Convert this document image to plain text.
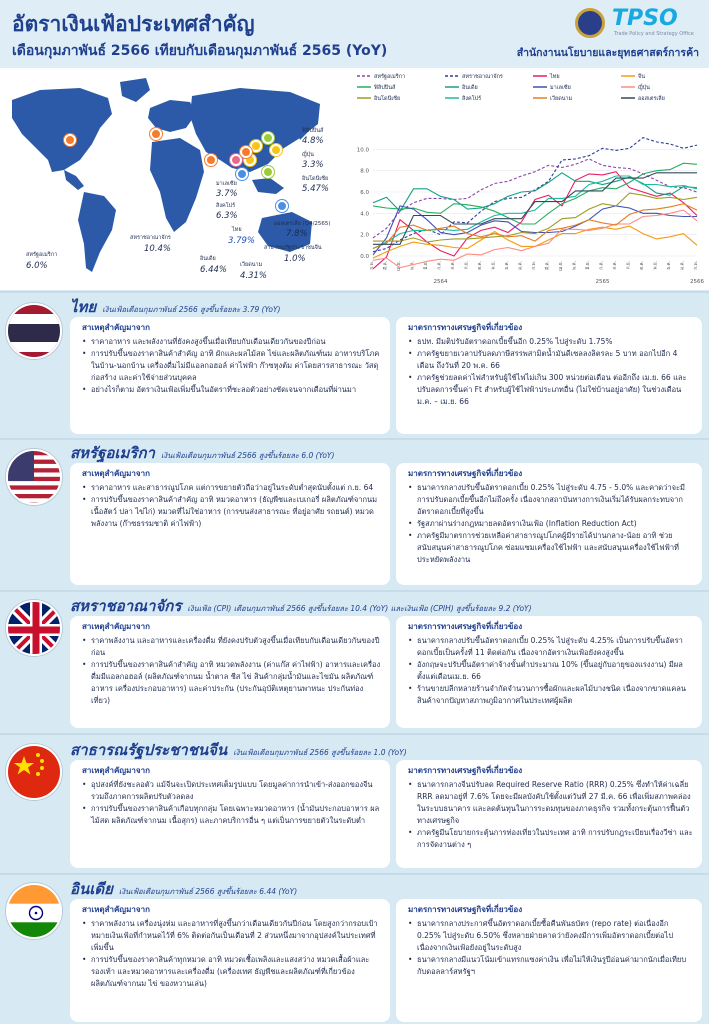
อัตราเงินเฟ้อประเทศสำคัญ
เดือนกุมภาพันธ์ 2566 เทียบกับเดือนกุมภาพันธ์ 2565 (YoY)
TPSO
Trade Policy and Strategy Office
สำนักงานนโยบายและยุทธศาสตร์การค้า
สหรัฐอเมริกา
6.0%
สหราชอาณาจักร
10.4%
อินเดีย
6.44%
มาเลเซีย
3.7%
สิงคโปร์
6.3%
ไทย
3.79%
เวียดนาม
4.31%
สาธารณรัฐประชาชนจีน
1.0%
ออสเตรเลีย (Q4/2565)
7.8%
ฟิลิปปินส์
4.8%
ญี่ปุ่น
3.3%
อินโดนีเซีย
5.47%
สหรัฐอเมริกา	สหราชอาณาจักร	ไทย	จีน
ฟิลิปปินส์	อินเดีย	มาเลเซีย	ญี่ปุ่น
อินโดนีเซีย	สิงคโปร์	เวียดนาม	ออสเตรเลีย
0.0
2.0
4.0
6.0
8.0
10.0
ก.พ. มี.ค. เม.ย. พ.ค. มิ.ย. ก.ค. ส.ค. ก.ย. ต.ค. พ.ย. ธ.ค. ม.ค. ก.พ. มี.ค. เม.ย. พ.ค. มิ.ย. ก.ค. ส.ค. ก.ย. ต.ค. พ.ย. ธ.ค. ม.ค. ก.พ.
2564	2565	2566
ไทย เงินเฟ้อเดือนกุมภาพันธ์ 2566 สูงขึ้นร้อยละ 3.79 (YoY)
สาเหตุสำคัญมาจาก
• ราคาอาหาร และพลังงานที่ยังคงสูงขึ้นเมื่อเทียบกับเดือนเดียวกันของปีก่อน
• การปรับขึ้นของราคาสินค้าสำคัญ อาทิ ผักและผลไม้สด ไข่และผลิตภัณฑ์นม อาหารบริโภคในบ้าน-นอกบ้าน เครื่องดื่มไม่มีแอลกอฮอล์ ค่าไฟฟ้า ก๊าซหุงต้ม ค่าโดยสารสาธารณะ วัสดุก่อสร้าง และค่าใช้จ่ายส่วนบุคคล
• อย่างไรก็ตาม อัตราเงินเฟ้อเพิ่มขึ้นในอัตราที่ชะลอตัวอย่างชัดเจนจากเดือนที่ผ่านมา
มาตรการทางเศรษฐกิจที่เกี่ยวข้อง
• ธปท. มีมติปรับอัตราดอกเบี้ยขึ้นอีก 0.25% ไปสู่ระดับ 1.75%
• ภาครัฐขยายเวลาปรับลดภาษีสรรพสามิตน้ำมันดีเซลลงลิตรละ 5 บาท ออกไปอีก 4 เดือน ถึงวันที่ 20 พ.ค. 66
• ภาครัฐช่วยลดค่าไฟสำหรับผู้ใช้ไฟไม่เกิน 300 หน่วยต่อเดือน ต่ออีกถึง เม.ย. 66 และปรับลดการขึ้นค่า Ft สำหรับผู้ใช้ไฟฟ้าประเภทอื่น (ไม่ใช่บ้านอยู่อาศัย) ในช่วงเดือน ม.ค. – เม.ย. 66
สหรัฐอเมริกา เงินเฟ้อเดือนกุมภาพันธ์ 2566 สูงขึ้นร้อยละ 6.0 (YoY)
สาเหตุสำคัญมาจาก
• ราคาอาหาร และสาธารณูปโภค แต่การขยายตัวถือว่าอยู่ในระดับต่ำสุดนับตั้งแต่ ก.ย. 64
• การปรับขึ้นของราคาสินค้าสำคัญ อาทิ หมวดอาหาร (ธัญพืชและเบเกอรี่ ผลิตภัณฑ์จากนม เนื้อสัตว์ ปลา ไข่ไก่) หมวดที่ไม่ใช่อาหาร (การขนส่งสาธารณะ ที่อยู่อาศัย รถยนต์) หมวดพลังงาน (ก๊าซธรรมชาติ ค่าไฟฟ้า)
มาตรการทางเศรษฐกิจที่เกี่ยวข้อง
• ธนาคารกลางปรับขึ้นอัตราดอกเบี้ย 0.25% ไปสู่ระดับ 4.75 - 5.0% และคาดว่าจะมีการปรับดอกเบี้ยขึ้นอีกไม่ถึงครั้ง เนื่องจากสถาบันทางการเงินเริ่มได้รับผลกระทบจากอัตราดอกเบี้ยที่สูงขึ้น
• รัฐสภาผ่านร่างกฎหมายลดอัตราเงินเฟ้อ (Inflation Reduction Act)
• ภาครัฐมีมาตรการช่วยเหลือค่าสาธารณูปโภคผู้มีรายได้ปานกลาง-น้อย อาทิ ช่วยสนับสนุนค่าสาธารณูปโภค ซ่อมแซมเครื่องใช้ไฟฟ้า และสนับสนุนเครื่องใช้ไฟฟ้าที่ประหยัดพลังงาน
สหราชอาณาจักร เงินเฟ้อ (CPI) เดือนกุมภาพันธ์ 2566 สูงขึ้นร้อยละ 10.4 (YoY) และเงินเฟ้อ (CPIH) สูงขึ้นร้อยละ 9.2 (YoY)
สาเหตุสำคัญมาจาก
• ราคาพลังงาน และอาหารและเครื่องดื่ม ที่ยังคงปรับตัวสูงขึ้นเมื่อเทียบกับเดือนเดียวกันของปีก่อน
• การปรับขึ้นของราคาสินค้าสำคัญ อาทิ หมวดพลังงาน (ค่าแก๊ส ค่าไฟฟ้า) อาหารและเครื่องดื่มมีแอลกอฮอล์ (ผลิตภัณฑ์จากนม น้ำตาล ชีส ไข่ สินค้ากลุ่มน้ำมันและไขมัน ผลิตภัณฑ์อาหาร เครื่องประกอบอาหาร) และค่าประกัน (ประกันอุบัติเหตุยานพาหนะ ประกันท่องเที่ยว)
มาตรการทางเศรษฐกิจที่เกี่ยวข้อง
• ธนาคารกลางปรับขึ้นอัตราดอกเบี้ย 0.25% ไปสู่ระดับ 4.25% เป็นการปรับขึ้นอัตราดอกเบี้ยเป็นครั้งที่ 11 ติดต่อกัน เนื่องจากอัตราเงินเฟ้อยังคงสูงขึ้น
• อังกฤษจะปรับขึ้นอัตราค่าจ้างขั้นต่ำประมาณ 10% (ขึ้นอยู่กับอายุของแรงงาน) มีผลตั้งแต่เดือนเม.ย. 66
• ร้านขายปลีกหลายร้านจำกัดจำนวนการซื้อผักและผลไม้บางชนิด เนื่องจากขาดแคลนสินค้าจากปัญหาสภาพภูมิอากาศในประเทศผู้ผลิต
สาธารณรัฐประชาชนจีน เงินเฟ้อเดือนกุมภาพันธ์ 2566 สูงขึ้นร้อยละ 1.0 (YoY)
สาเหตุสำคัญมาจาก
• อุปสงค์ที่ยังชะลอตัว แม้จีนจะเปิดประเทศเต็มรูปแบบ โดยมูลค่าการนำเข้า-ส่งออกของจีน รวมถึงภาคการผลิตปรับตัวลดลง
• การปรับขึ้นของราคาสินค้าเกือบทุกกลุ่ม โดยเฉพาะหมวดอาหาร (น้ำมันประกอบอาหาร ผลไม้สด ผลิตภัณฑ์จากนม เนื้อสุกร) และภาคบริการอื่น ๆ แต่เป็นการขยายตัวในระดับต่ำ
มาตรการทางเศรษฐกิจที่เกี่ยวข้อง
• ธนาคารกลางจีนปรับลด Required Reserve Ratio (RRR) 0.25% ซึ่งทำให้ค่าเฉลี่ย RRR ลดมาอยู่ที่ 7.6% โดยจะมีผลบังคับใช้ตั้งแต่วันที่ 27 มี.ค. 66 เพื่อเพิ่มสภาพคล่องในระบบธนาคาร และลดต้นทุนในการระดมทุนของภาคธุรกิจ รวมทั้งกระตุ้นการฟื้นตัวทางเศรษฐกิจ
• ภาครัฐมีนโยบายกระตุ้นการท่องเที่ยวในประเทศ อาทิ การปรับกฎระเบียบเรื่องวีซ่า และการจัดงานต่าง ๆ
อินเดีย เงินเฟ้อเดือนกุมภาพันธ์ 2566 สูงขึ้นร้อยละ 6.44 (YoY)
สาเหตุสำคัญมาจาก
• ราคาพลังงาน เครื่องนุ่งห่ม และอาหารที่สูงขึ้นกว่าเดือนเดียวกันปีก่อน โดยสูงกว่ากรอบเป้าหมายเงินเฟ้อที่กำหนดไว้ที่ 6% ติดต่อกันเป็นเดือนที่ 2 ส่วนหนึ่งมาจากอุปสงค์ในประเทศที่เพิ่มขึ้น
• การปรับขึ้นของราคาสินค้าทุกหมวด อาทิ หมวดเชื้อเพลิงและแสงสว่าง หมวดเสื้อผ้าและรองเท้า และหมวดอาหารและเครื่องดื่ม (เครื่องเทศ ธัญพืชและผลิตภัณฑ์ที่เกี่ยวข้อง ผลิตภัณฑ์จากนม ไข่ ของหวานเล่น)
มาตรการทางเศรษฐกิจที่เกี่ยวข้อง
• ธนาคารกลางประกาศขึ้นอัตราดอกเบี้ยซื้อคืนพันธบัตร (repo rate) ต่อเนื่องอีก 0.25% ไปสู่ระดับ 6.50% ซึ่งหลายฝ่ายคาดว่ายังคงมีการเพิ่มอัตราดอกเบี้ยต่อไป เนื่องจากเงินเฟ้อยังอยู่ในระดับสูง
• ธนาคารกลางมีแนวโน้มเข้าแทรกแซงค่าเงิน เพื่อไม่ให้เงินรูปีอ่อนค่ามากนักเมื่อเทียบกับดอลลาร์สหรัฐฯ
